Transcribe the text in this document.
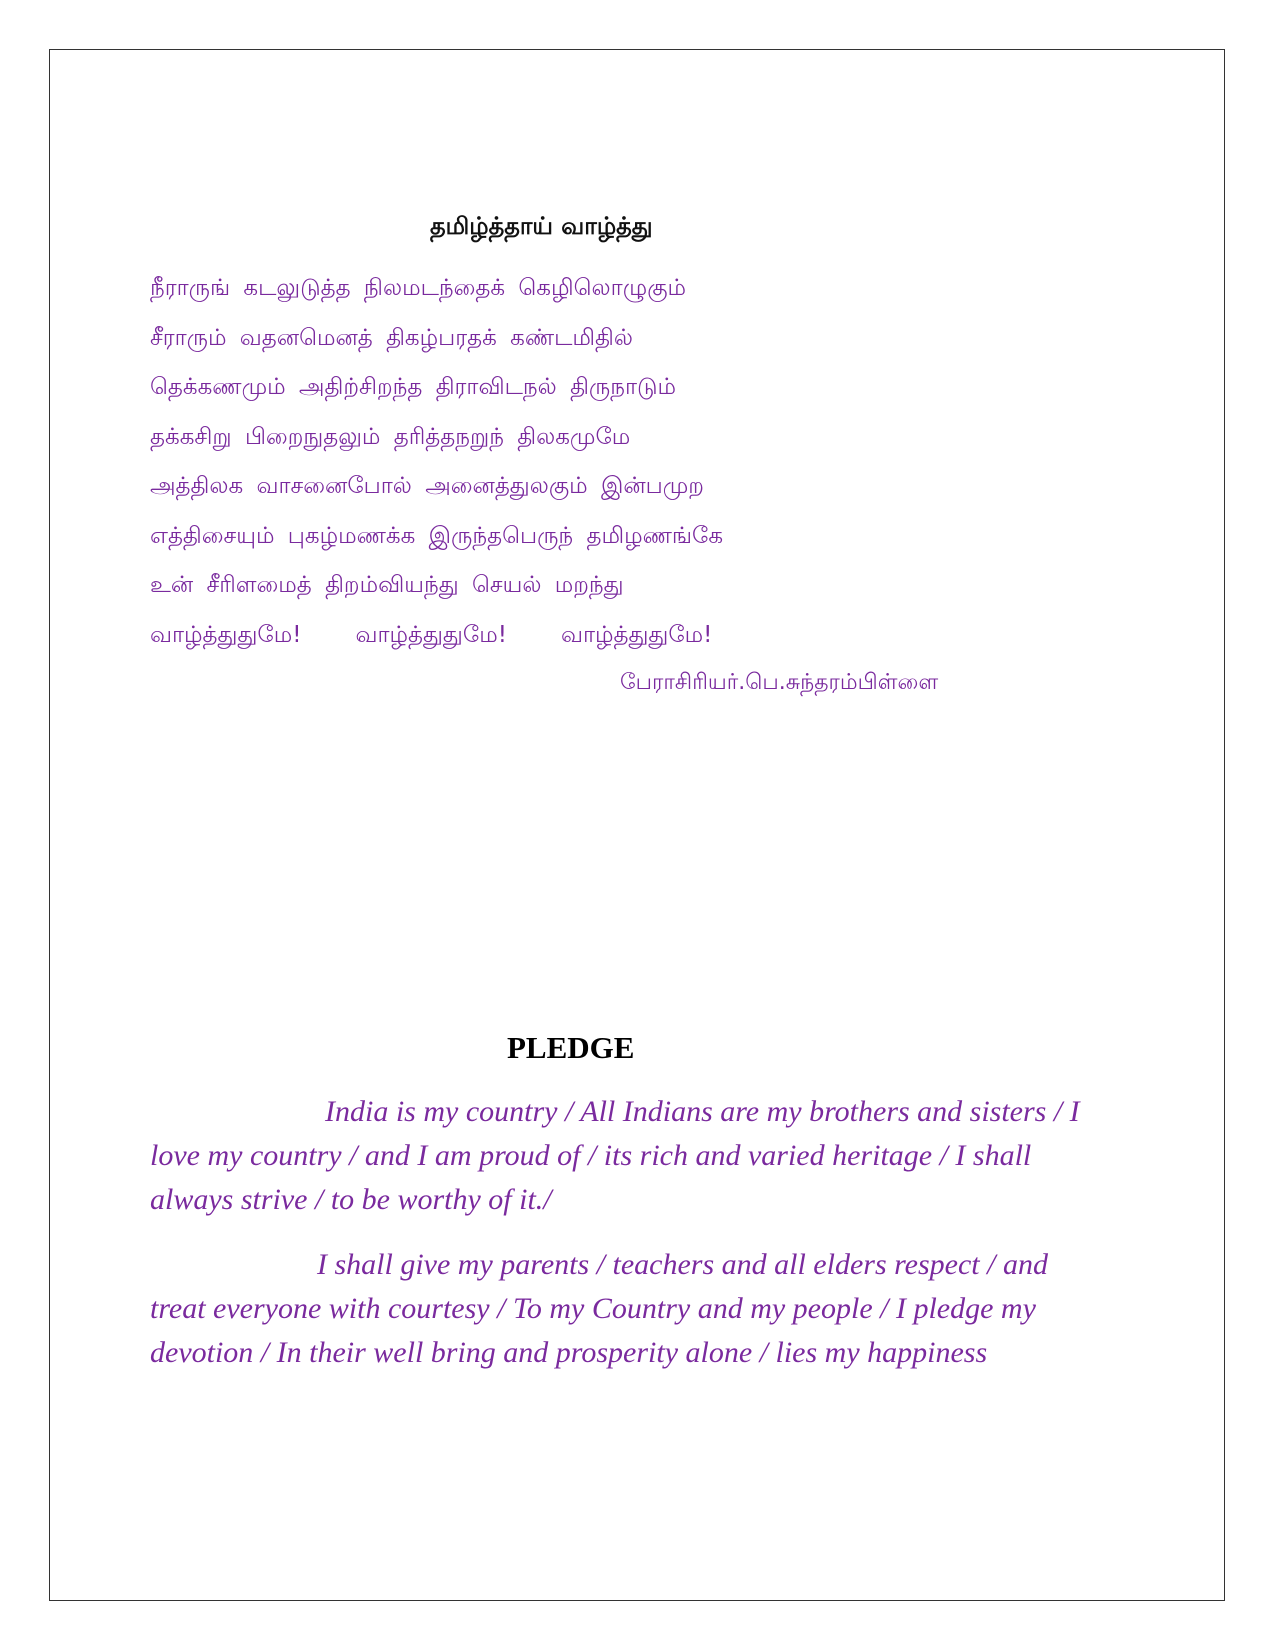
தமிழ்த்தாய் வாழ்த்து
நீராருங் கடலுடுத்த நிலமடந்தைக் கெழிலொழுகும்
சீராரும் வதனமெனத் திகழ்பரதக் கண்டமிதில்
தெக்கணமும் அதிற்சிறந்த திராவிடநல் திருநாடும்
தக்கசிறு பிறைநுதலும் தரித்தநறுந் திலகமுமே
அத்திலக வாசனைபோல் அனைத்துலகும் இன்பமுற
எத்திசையும் புகழ்மணக்க இருந்தபெருந் தமிழணங்கே
உன் சீரிளமைத் திறம்வியந்து செயல் மறந்து
வாழ்த்துதுமே! வாழ்த்துதுமே! வாழ்த்துதுமே!
பேராசிரியர்.பெ.சுந்தரம்பிள்ளை
PLEDGE

India is my country / All Indians are my brothers and sisters / I love my country / and I am proud of / its rich and varied heritage / I shall always strive / to be worthy of it./

I shall give my parents / teachers and all elders respect / and treat everyone with courtesy / To my Country and my people / I pledge my devotion / In their well bring and prosperity alone / lies my happiness
